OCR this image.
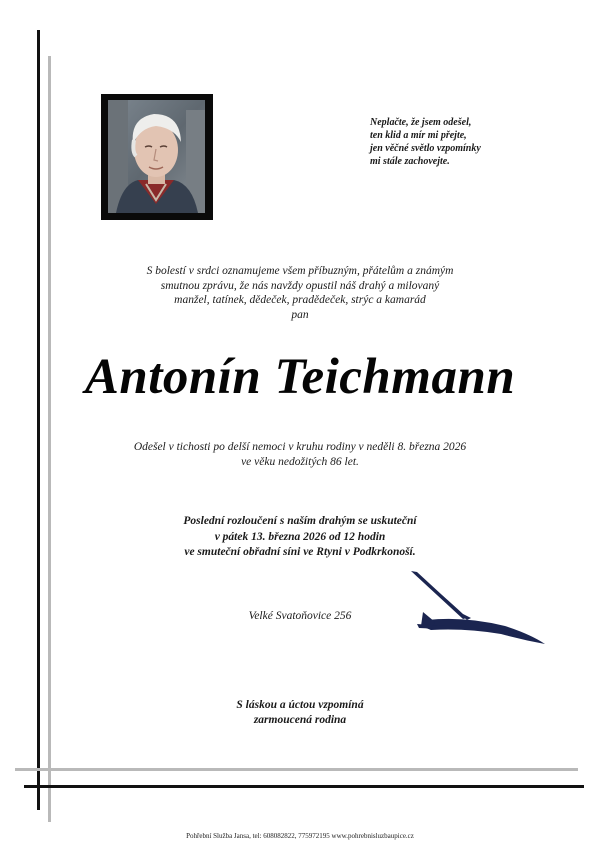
Neplačte, že jsem odešel,
ten klid a mír mi přejte,
jen věčné světlo vzpomínky
mi stále zachovejte.
S bolestí v srdci oznamujeme všem příbuzným, přátelům a známým
smutnou zprávu, že nás navždy opustil náš drahý a milovaný
manžel, tatínek, dědeček, pradědeček, strýc a kamarád
pan
Antonín Teichmann
Odešel v tichosti po delší nemoci v kruhu rodiny v neděli 8. března 2026
ve věku nedožitých 86 let.
Poslední rozloučení s naším drahým se uskuteční
v pátek 13. března 2026 od 12 hodin
ve smuteční obřadní síni ve Rtyni v Podkrkonoší.
Velké Svatoňovice 256
S láskou a úctou vzpomíná
zarmoucená rodina
Pohřební Služba Jansa, tel: 608082822, 775972195 www.pohrebnisluzbaupice.cz
